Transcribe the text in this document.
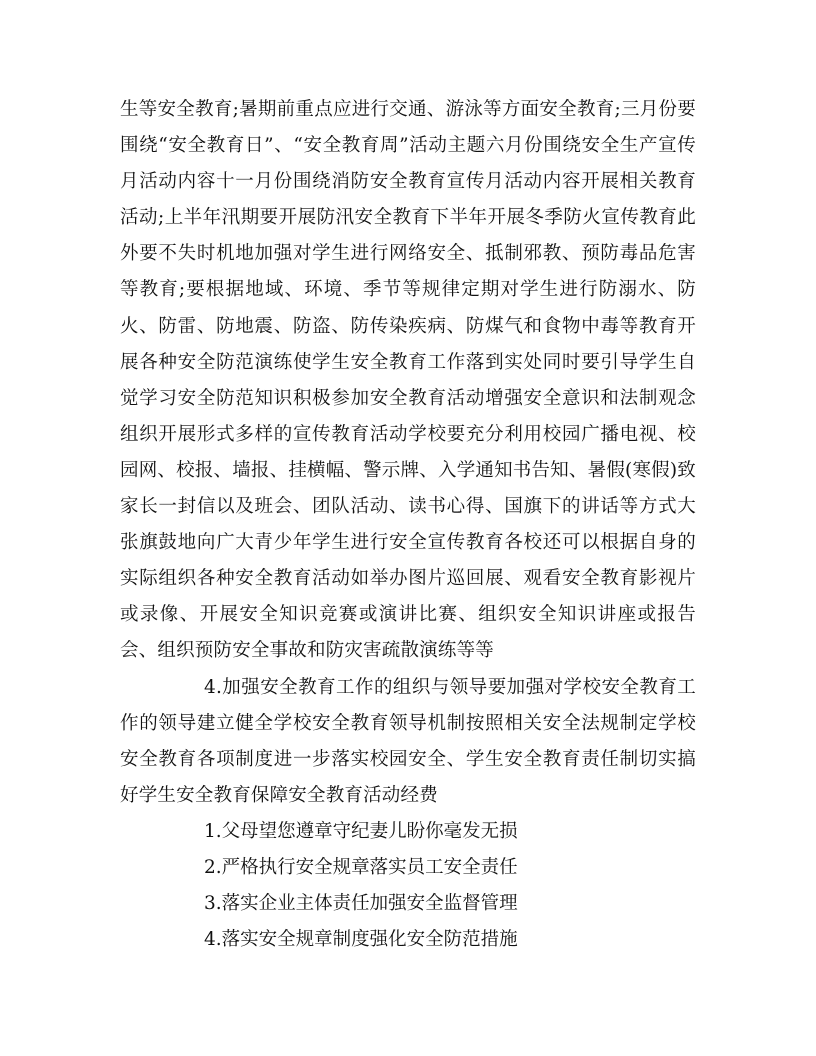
生等安全教育;暑期前重点应进行交通、游泳等方面安全教育;三月份要围绕“安全教育日”、“安全教育周”活动主题六月份围绕安全生产宣传月活动内容十一月份围绕消防安全教育宣传月活动内容开展相关教育活动;上半年汛期要开展防汛安全教育下半年开展冬季防火宣传教育此外要不失时机地加强对学生进行网络安全、抵制邪教、预防毒品危害等教育;要根据地域、环境、季节等规律定期对学生进行防溺水、防火、防雷、防地震、防盗、防传染疾病、防煤气和食物中毒等教育开展各种安全防范演练使学生安全教育工作落到实处同时要引导学生自觉学习安全防范知识积极参加安全教育活动增强安全意识和法制观念组织开展形式多样的宣传教育活动学校要充分利用校园广播电视、校园网、校报、墙报、挂横幅、警示牌、入学通知书告知、暑假(寒假)致家长一封信以及班会、团队活动、读书心得、国旗下的讲话等方式大张旗鼓地向广大青少年学生进行安全宣传教育各校还可以根据自身的实际组织各种安全教育活动如举办图片巡回展、观看安全教育影视片或录像、开展安全知识竞赛或演讲比赛、组织安全知识讲座或报告会、组织预防安全事故和防灾害疏散演练等等

4.加强安全教育工作的组织与领导要加强对学校安全教育工作的领导建立健全学校安全教育领导机制按照相关安全法规制定学校安全教育各项制度进一步落实校园安全、学生安全教育责任制切实搞好学生安全教育保障安全教育活动经费

1.父母望您遵章守纪妻儿盼你毫发无损
2.严格执行安全规章落实员工安全责任
3.落实企业主体责任加强安全监督管理
4.落实安全规章制度强化安全防范措施
